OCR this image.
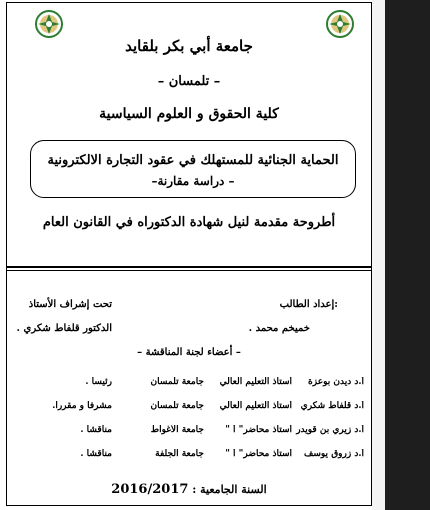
جامعة أبي بكر بلقايد
– تلمسان –
كلية الحقوق و العلوم السياسية
الحماية الجنائية للمستهلك في عقود التجارة الالكترونية
– دراسة مقارنة–
أطروحة مقدمة لنيل شهادة الدكتوراه في القانون العام
:إعداد الطالب
خميخم محمد .
تحت إشراف الأستاذ
الدكتور قلفاط شكري .
– أعضاء لجنة المناقشة –
أ.د ديدن بوعزة
أستاذ التعليم العالي
جامعة تلمسان
رئيسا .
أ.د قلفاط شكري
أستاذ التعليم العالي
جامعة تلمسان
مشرفا و مقررا.
أ.د زيري بن قويدر
أستاذ محاضر" أ "
جامعة الأغواط
مناقشا .
أ.د زروق يوسف
أستاذ محاضر" أ "
جامعة الجلفة
مناقشا .
السنة الجامعية : 2016/2017
